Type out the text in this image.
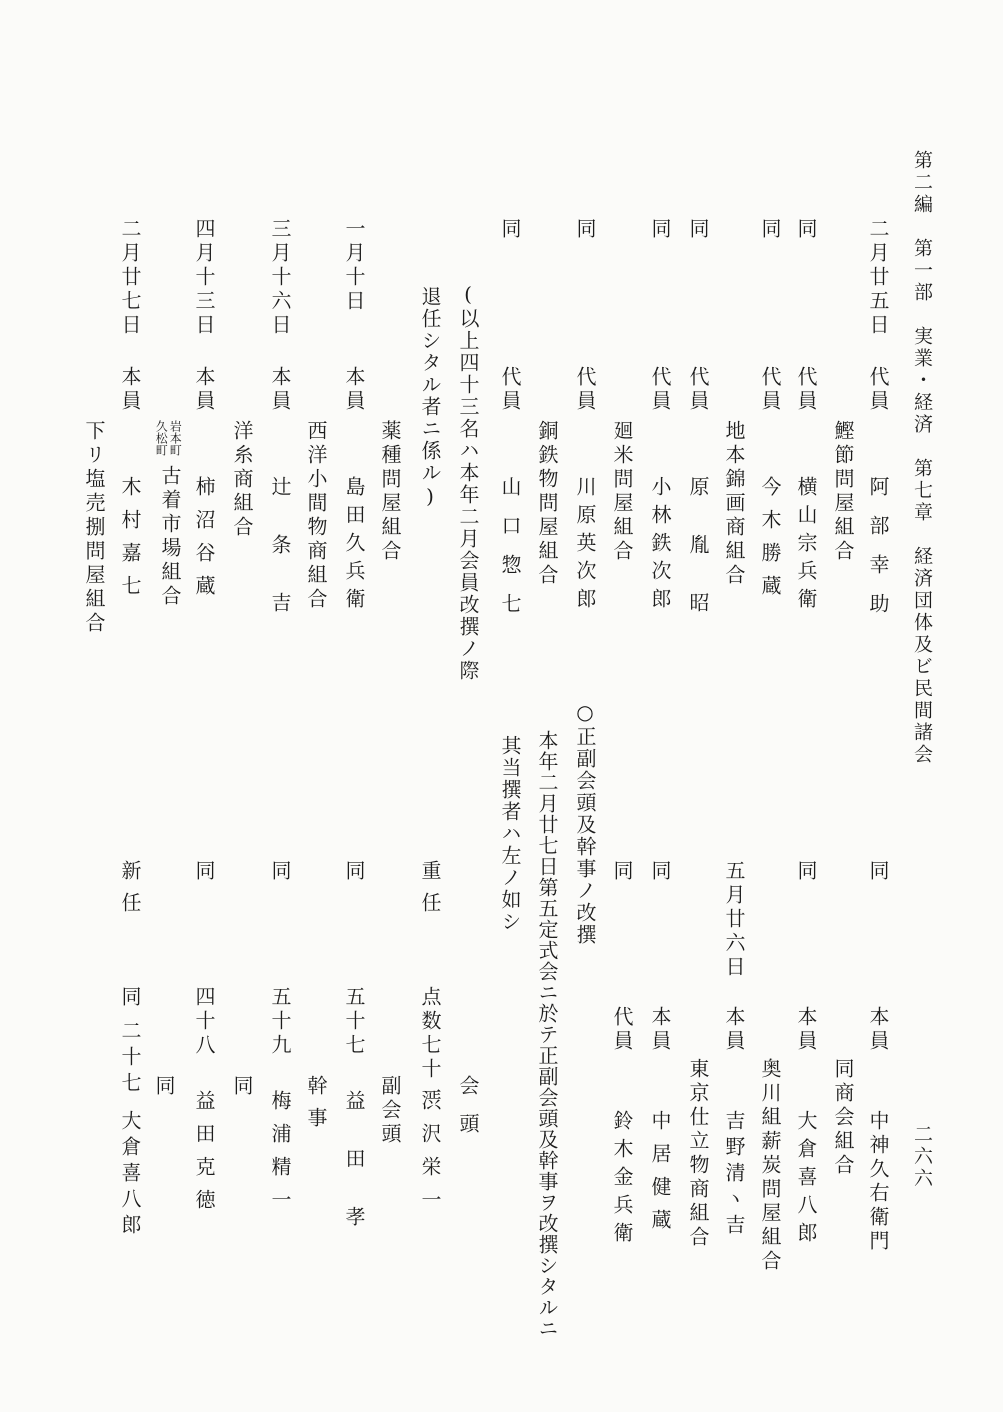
第二編　第一部　実業・経済　第七章　経済団体及ビ民間諸会
二六六
二月廿五日
代員
阿部幸助
鰹節問屋組合
同
代員
横山宗兵衛
同
代員
今木勝蔵
地本錦画商組合
同
代員
原胤昭
同
代員
小林鉄次郎
廻米問屋組合
同
代員
川原英次郎
銅鉄物問屋組合
同
代員
山口惣七
(以上四十三名ハ本年二月会員改撰ノ際
退任シタル者ニ係ル)
薬種問屋組合
一月十日
本員
島田久兵衛
西洋小間物商組合
三月十六日
本員
辻条吉
洋糸商組合
四月十三日
本員
柿沼谷蔵
岩本町
久松町
古着市場組合
二月廿七日
本員
木村嘉七
下リ塩売捌問屋組合
同
本員
中神久右衛門
同商会組合
同
本員
大倉喜八郎
奥川組薪炭問屋組合
五月廿六日
本員
吉野清ヽ吉
東京仕立物商組合
同
本員
中居健蔵
同
代員
鈴木金兵衛
○正副会頭及幹事ノ改撰
本年二月廿七日第五定式会ニ於テ正副会頭及幹事ヲ改撰シタルニ
其当撰者ハ左ノ如シ
会頭
重任
点数七十一
渋沢栄一
副会頭
同
五十七
益田孝
幹事
同
五十九
梅浦精一
同
同
四十八
益田克徳
同
新任
同
二十七
大倉喜八郎
